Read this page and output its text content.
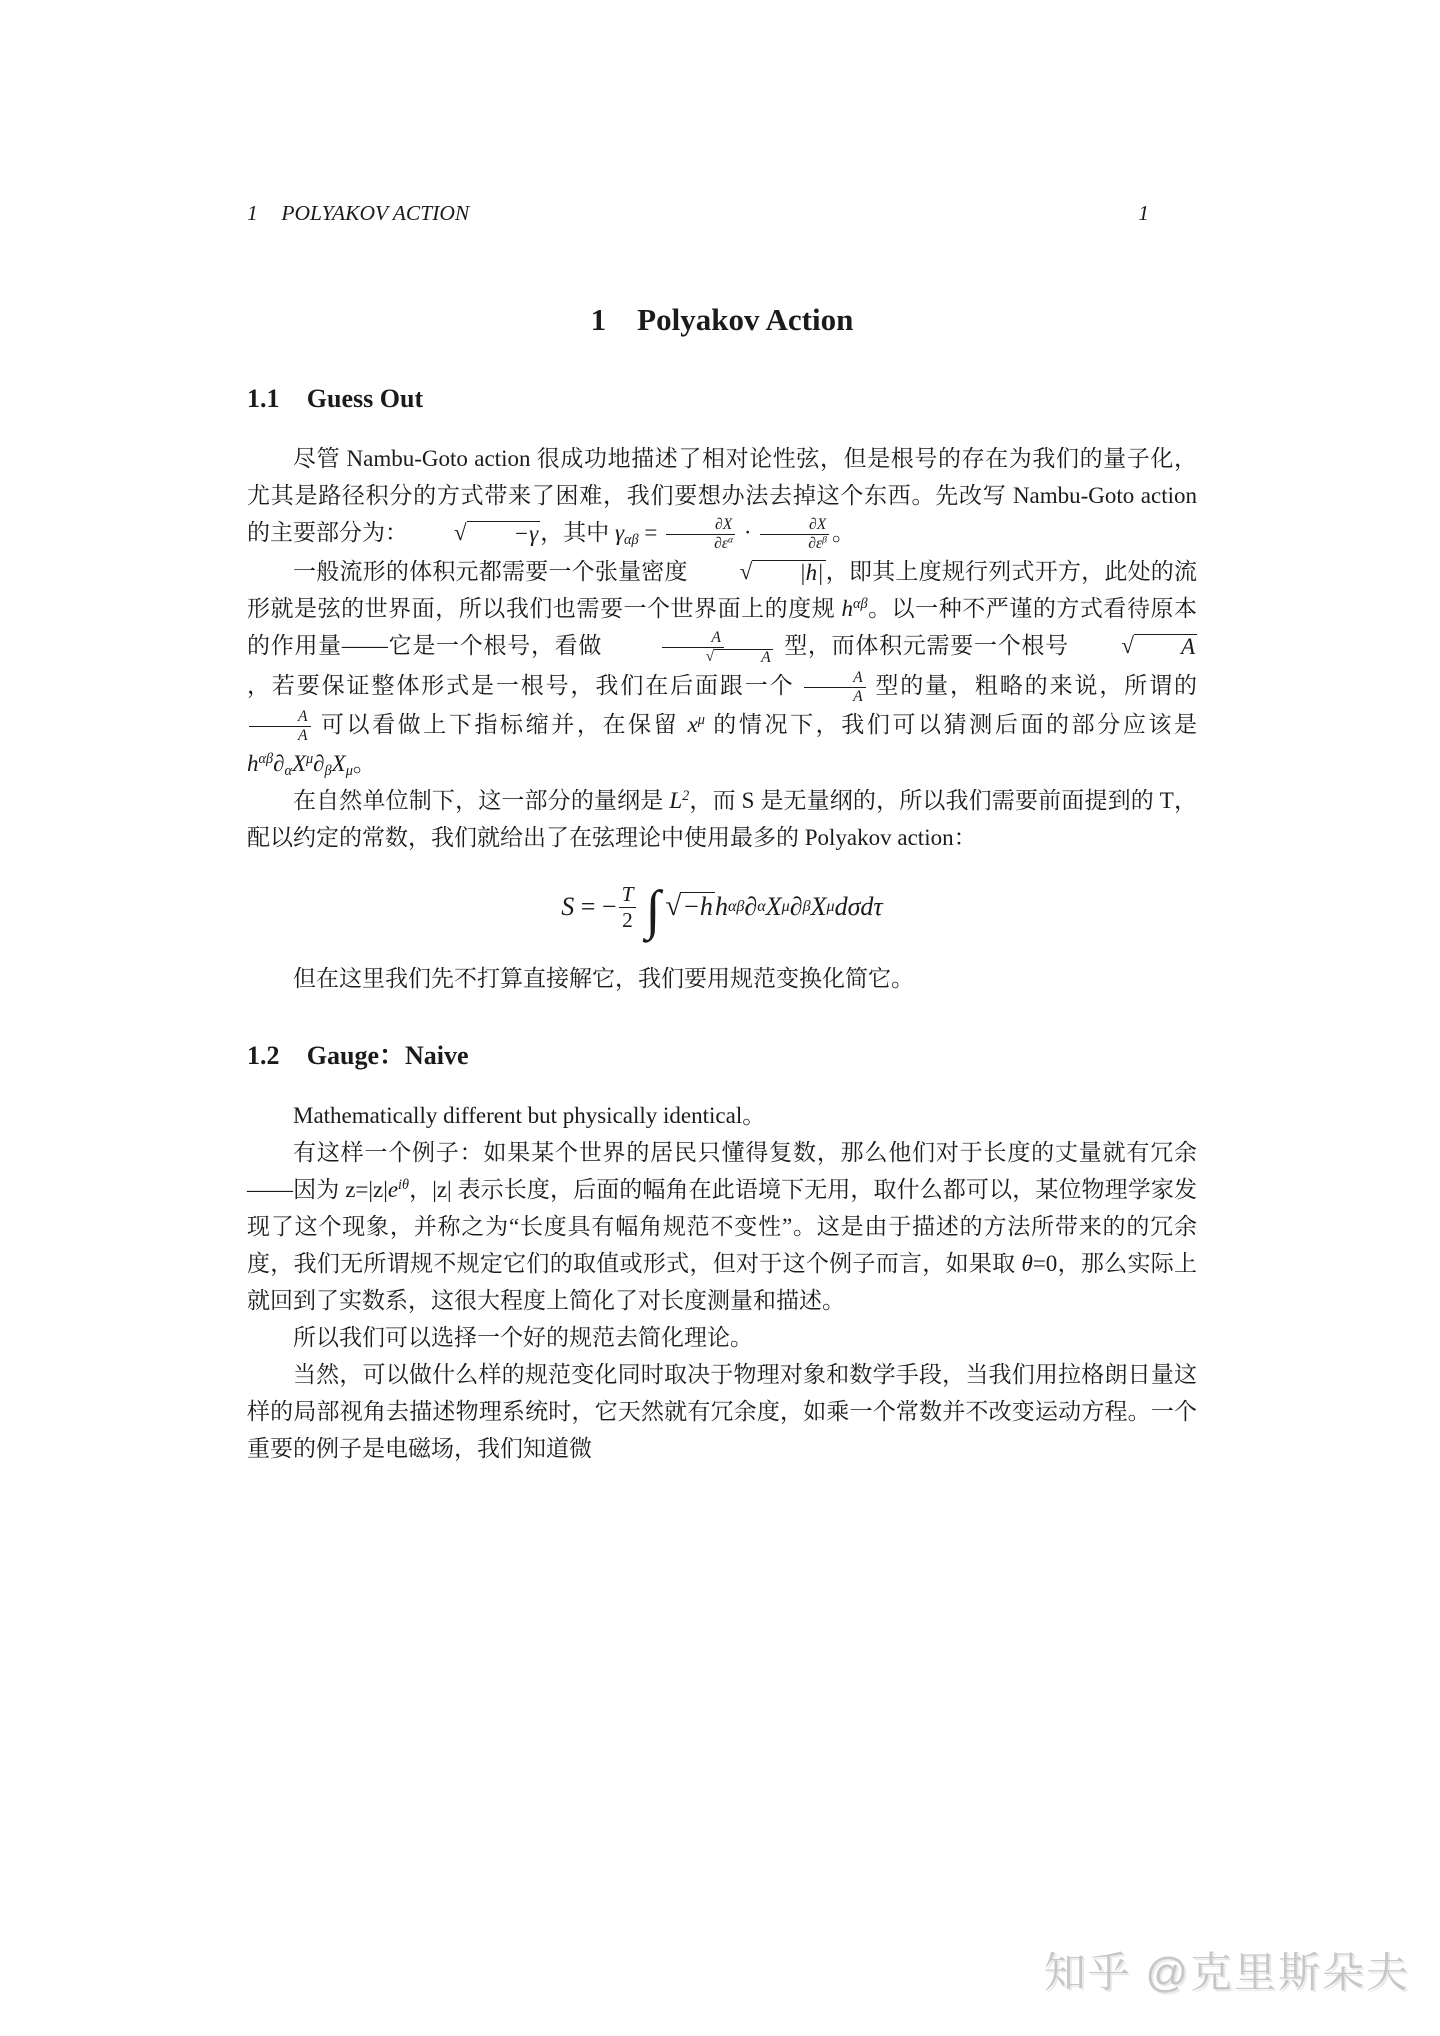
1 POLYAKOV ACTION	1
1 Polyakov Action
1.1 Guess Out

尽管 Nambu-Goto action 很成功地描述了相对论性弦，但是根号的存在为我们的量子化，尤其是路径积分的方式带来了困难，我们要想办法去掉这个东西。先改写 Nambu-Goto action 的主要部分为：	√	−γ ，其中 $\gamma_{\alpha\beta} = \frac{\partial X}{\partial\varepsilon^\alpha} \cdot \frac{\partial X}{\partial\varepsilon^\beta}$ 。

一般流形的体积元都需要一个张量密度	√	|h| ，即其上度规行列式开方，此处的流形就是弦的世界面，所以我们也需要一个世界面上的度规 $h^{\alpha\beta}$。以一种不严谨的方式看待原本的作用量——它是一个根号，看做 A
√	A 型，而体积元需要一个根号	√	A
，若要保证整体形式是一根号，我们在后面跟一个 $\frac{A}{A}$ 型的量，粗略的来说，所谓的
$\frac{A}{A}$ 可以看做上下指标缩并，在保留 $x^\mu$ 的情况下，我们可以猜测后面的部分应该是 $h^{\alpha\beta}\partial_\alpha X^\mu\partial_\beta X_\mu$。

在自然单位制下，这一部分的量纲是 $L^2$，而 S 是无量纲的，所以我们需要前面提到的 T，配以约定的常数，我们就给出了在弦理论中使用最多的 Polyakov action：

S = − $\frac{T}{2}$ ∫ √ −h h αβ ∂ α X μ ∂ β X μ dσdτ

但在这里我们先不打算直接解它，我们要用规范变换化简它。

1.2 Gauge：Naive

Mathematically different but physically identical。

有这样一个例子：如果某个世界的居民只懂得复数，那么他们对于长度的丈量就有冗余——因为 $z=|z|e^{i\theta}$，|z| 表示长度，后面的幅角在此语境下无用，取什么都可以，某位物理学家发现了这个现象，并称之为“长度具有幅角规范不变性”。这是由于描述的方法所带来的的冗余度，我们无所谓规不规定它们的取值或形式，但对于这个例子而言，如果取 θ=0，那么实际上就回到了实数系，这很大程度上简化了对长度测量和描述。

所以我们可以选择一个好的规范去简化理论。

当然，可以做什么样的规范变化同时取决于物理对象和数学手段，当我们用拉格朗日量这样的局部视角去描述物理系统时，它天然就有冗余度，如乘一个常数并不改变运动方程。一个重要的例子是电磁场，我们知道微

知乎 @克里斯朵夫
